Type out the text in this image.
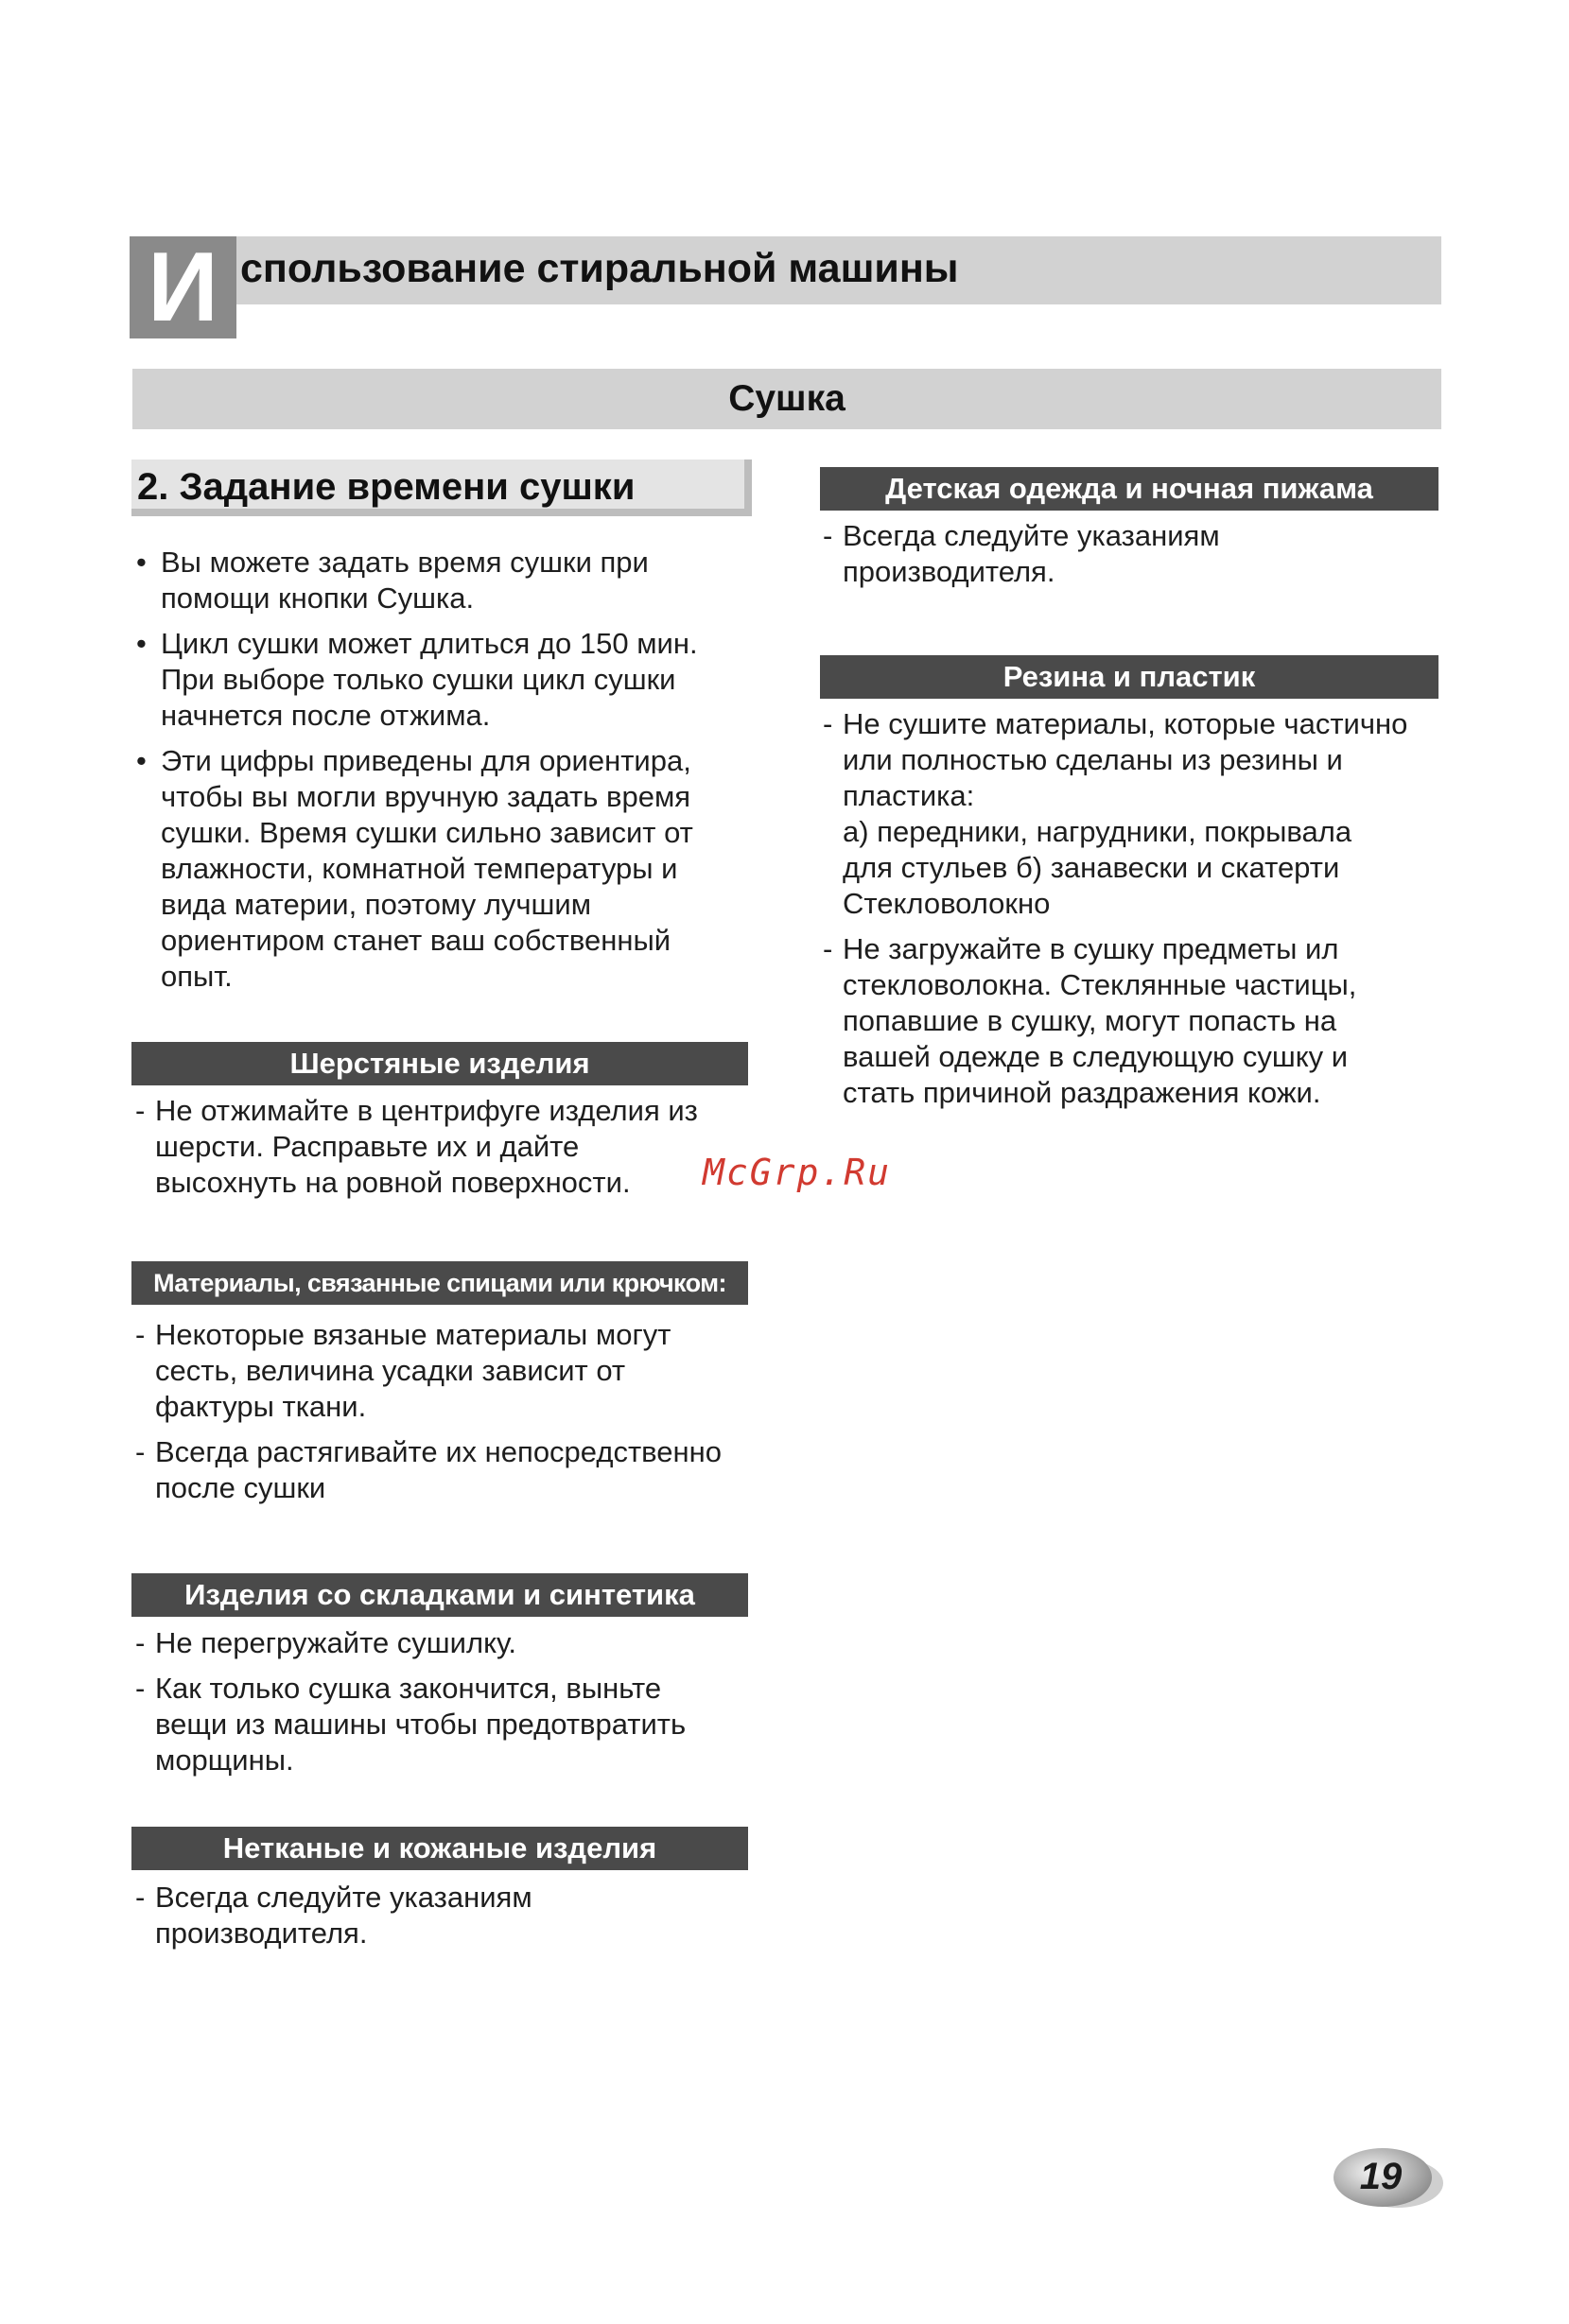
И спользование стиральной машины
Сушка
2. Задание времени сушки
• Вы можете задать время сушки при
помощи кнопки Сушка.
• Цикл сушки может длиться до 150 мин.
При выборе только сушки цикл сушки
начнется после отжима.
• Эти цифры приведены для ориентира,
чтобы вы могли вручную задать время
сушки. Время сушки сильно зависит от
влажности, комнатной температуры и
вида материи, поэтому лучшим
ориентиром станет ваш собственный
опыт.
Шерстяные изделия
- Не отжимайте в центрифуге изделия из
шерсти. Расправьте их и дайте
высохнуть на ровной поверхности.
Материалы, связанные спицами или крючком:
- Некоторые вязаные материалы могут
сесть, величина усадки зависит от
фактуры ткани.
- Всегда растягивайте их непосредственно
после сушки
Изделия со складками и синтетика
- Не перегружайте сушилку.
- Как только сушка закончится, выньте
вещи из машины чтобы предотвратить
морщины.
Нетканые и кожаные изделия
- Всегда следуйте указаниям
производителя.
Детская одежда и ночная пижама
- Всегда следуйте указаниям
производителя.
Резина и пластик
- Не сушите материалы, которые частично
или полностью сделаны из резины и
пластика:
а) передники, нагрудники, покрывала
для стульев б) занавески и скатерти
Стекловолокно
- Не загружайте в сушку предметы ил
стекловолокна. Стеклянные частицы,
попавшие в сушку, могут попасть на
вашей одежде в следующую сушку и
стать причиной раздражения кожи.
McGrp.Ru
19
